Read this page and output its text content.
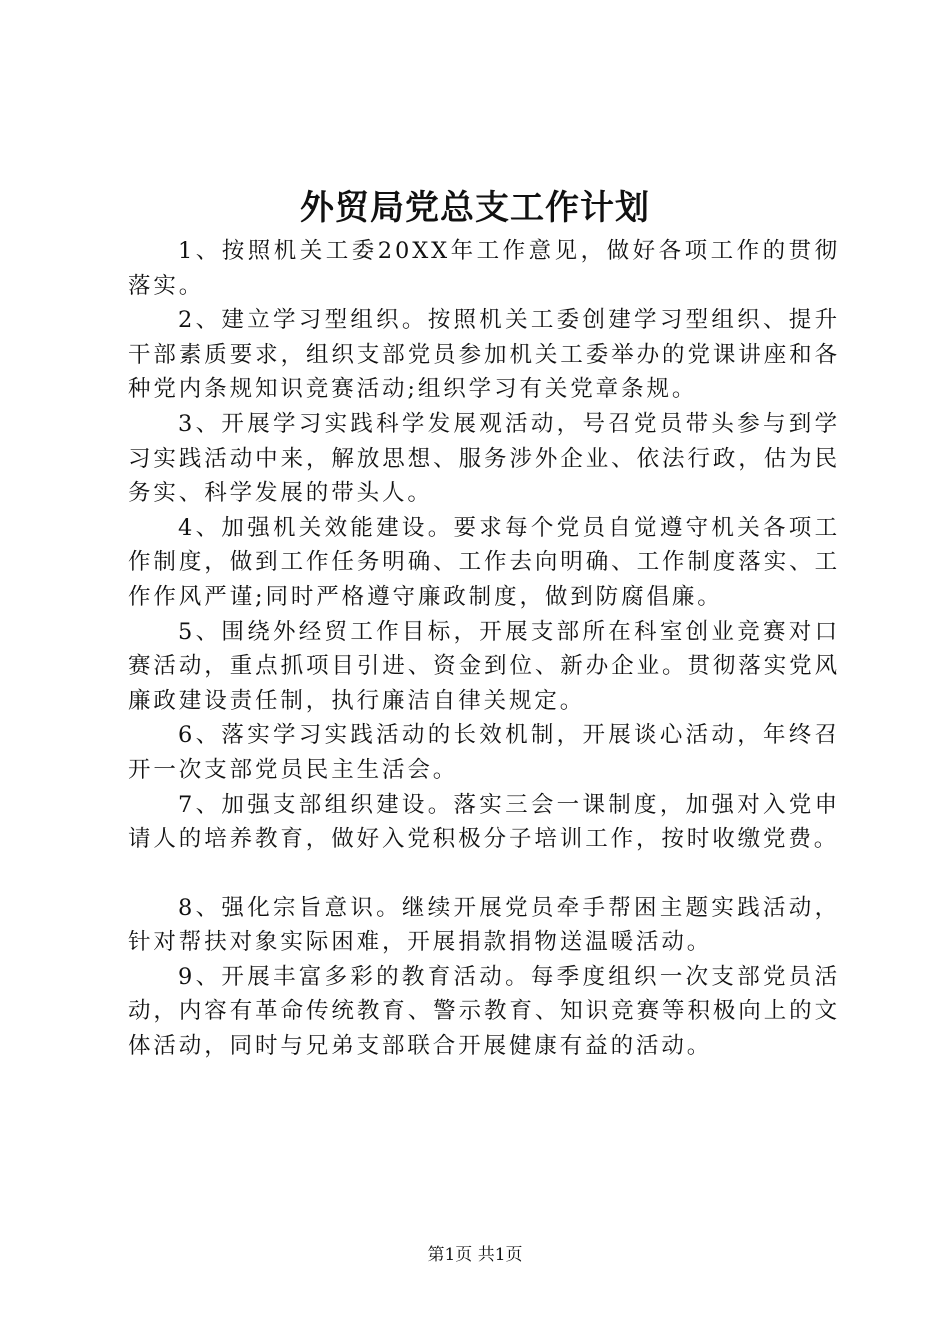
外贸局党总支工作计划

1、按照机关工委20XX年工作意见，做好各项工作的贯彻落实。

2、建立学习型组织。按照机关工委创建学习型组织、提升干部素质要求，组织支部党员参加机关工委举办的党课讲座和各种党内条规知识竞赛活动;组织学习有关党章条规。

3、开展学习实践科学发展观活动，号召党员带头参与到学习实践活动中来，解放思想、服务涉外企业、依法行政，估为民务实、科学发展的带头人。

4、加强机关效能建设。要求每个党员自觉遵守机关各项工作制度，做到工作任务明确、工作去向明确、工作制度落实、工作作风严谨;同时严格遵守廉政制度，做到防腐倡廉。

5、围绕外经贸工作目标，开展支部所在科室创业竞赛对口赛活动，重点抓项目引进、资金到位、新办企业。贯彻落实党风廉政建设责任制，执行廉洁自律关规定。

6、落实学习实践活动的长效机制，开展谈心活动，年终召开一次支部党员民主生活会。

7、加强支部组织建设。落实三会一课制度，加强对入党申请人的培养教育，做好入党积极分子培训工作，按时收缴党费。

8、强化宗旨意识。继续开展党员牵手帮困主题实践活动，针对帮扶对象实际困难，开展捐款捐物送温暖活动。

9、开展丰富多彩的教育活动。每季度组织一次支部党员活动，内容有革命传统教育、警示教育、知识竞赛等积极向上的文体活动，同时与兄弟支部联合开展健康有益的活动。

第1页 共1页
